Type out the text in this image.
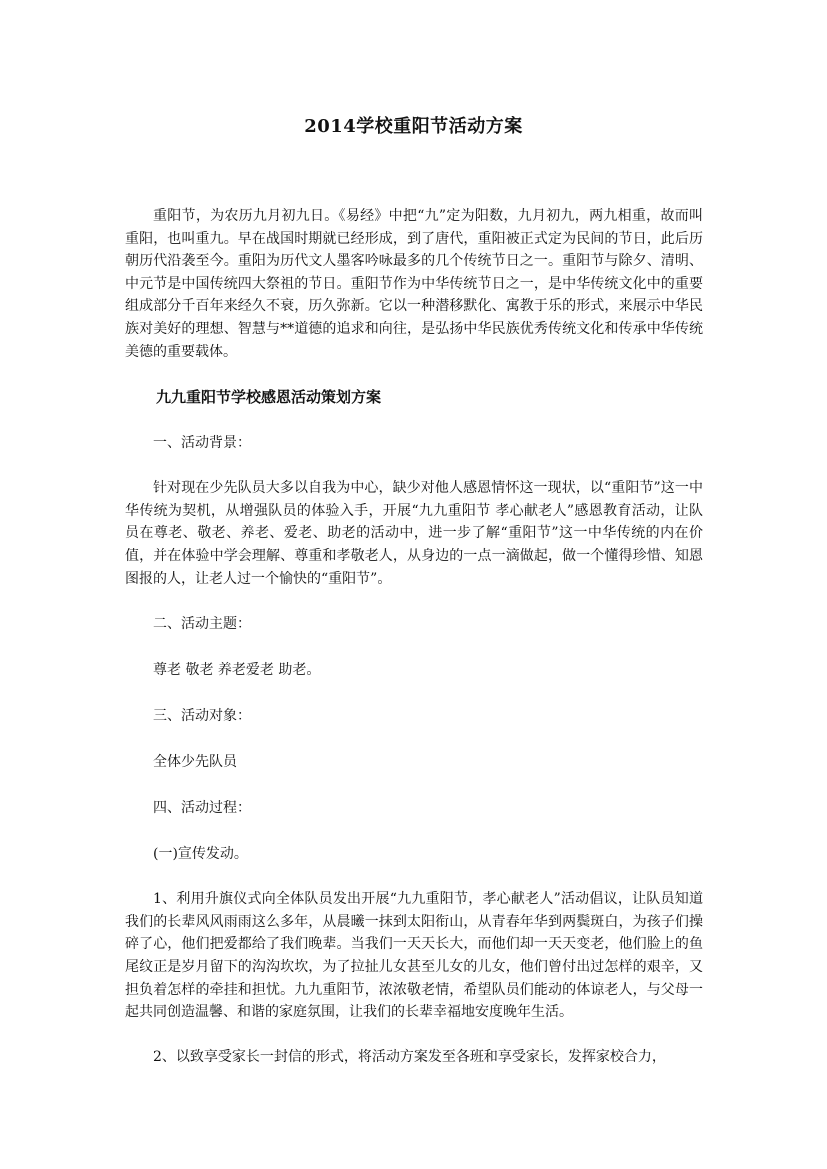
2014学校重阳节活动方案

重阳节，为农历九月初九日。《易经》中把“九”定为阳数，九月初九，两九相重，故而叫重阳，也叫重九。早在战国时期就已经形成，到了唐代，重阳被正式定为民间的节日，此后历朝历代沿袭至今。重阳为历代文人墨客吟咏最多的几个传统节日之一。重阳节与除夕、清明、中元节是中国传统四大祭祖的节日。重阳节作为中华传统节日之一，是中华传统文化中的重要组成部分千百年来经久不衰，历久弥新。它以一种潜移默化、寓教于乐的形式，来展示中华民族对美好的理想、智慧与**道德的追求和向往，是弘扬中华民族优秀传统文化和传承中华传统美德的重要载体。

九九重阳节学校感恩活动策划方案

一、活动背景：

针对现在少先队员大多以自我为中心，缺少对他人感恩情怀这一现状，以“重阳节”这一中华传统为契机，从增强队员的体验入手，开展“九九重阳节 孝心献老人”感恩教育活动，让队员在尊老、敬老、养老、爱老、助老的活动中，进一步了解“重阳节”这一中华传统的内在价值，并在体验中学会理解、尊重和孝敬老人，从身边的一点一滴做起，做一个懂得珍惜、知恩图报的人，让老人过一个愉快的“重阳节”。

二、活动主题：

尊老 敬老 养老爱老 助老。

三、活动对象：

全体少先队员

四、活动过程：

(一)宣传发动。

1、利用升旗仪式向全体队员发出开展“九九重阳节，孝心献老人”活动倡议，让队员知道我们的长辈风风雨雨这么多年，从晨曦一抹到太阳衔山，从青春年华到两鬓斑白，为孩子们操碎了心，他们把爱都给了我们晚辈。当我们一天天长大，而他们却一天天变老，他们脸上的鱼尾纹正是岁月留下的沟沟坎坎，为了拉扯儿女甚至儿女的儿女，他们曾付出过怎样的艰辛，又担负着怎样的牵挂和担忧。九九重阳节，浓浓敬老情，希望队员们能动的体谅老人，与父母一起共同创造温馨、和谐的家庭氛围，让我们的长辈幸福地安度晚年生活。

2、以致享受家长一封信的形式，将活动方案发至各班和享受家长，发挥家校合力，
